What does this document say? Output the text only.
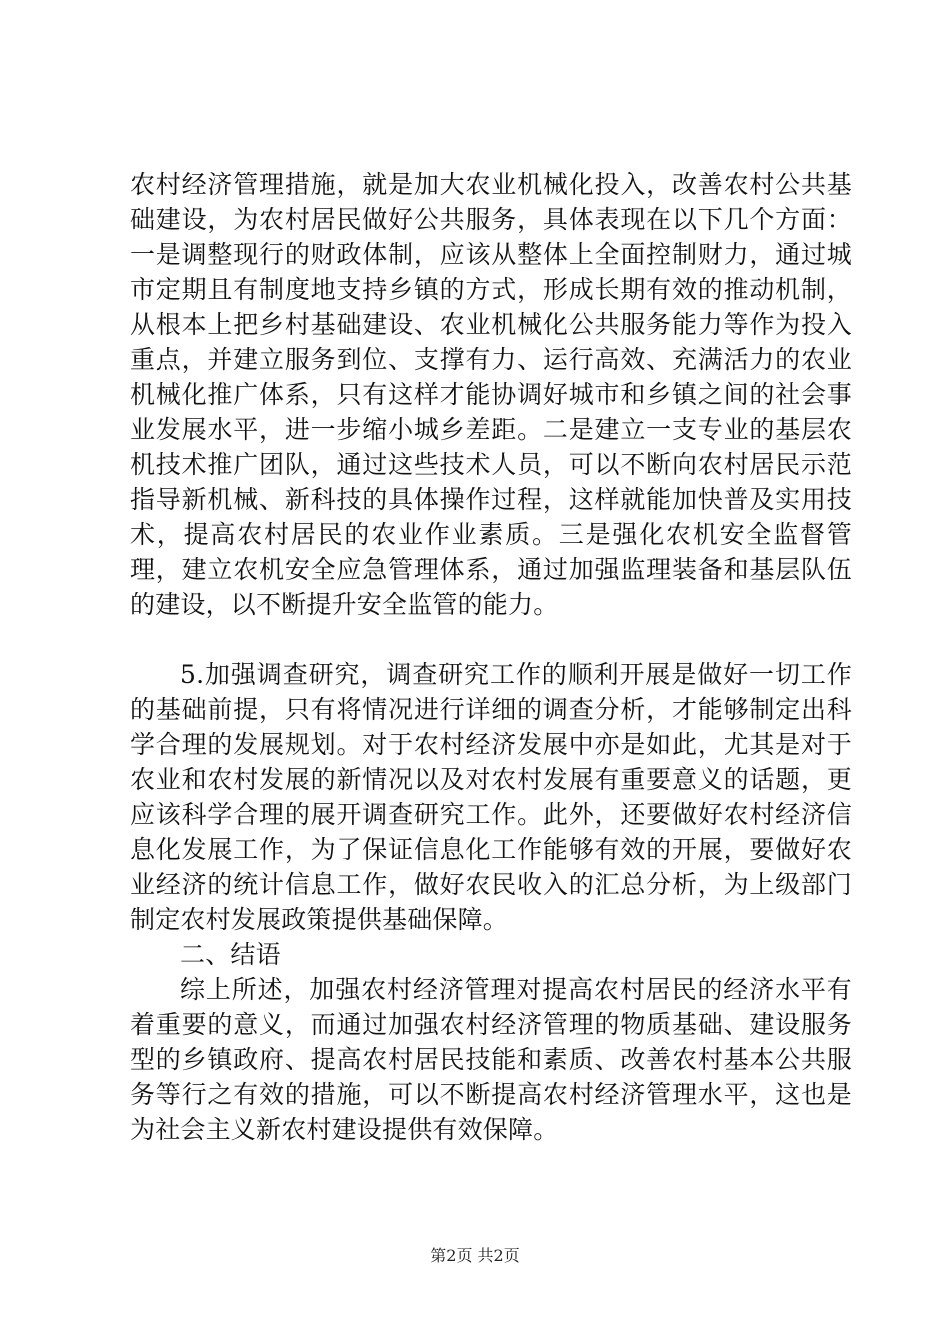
农村经济管理措施，就是加大农业机械化投入，改善农村公共基础建设，为农村居民做好公共服务，具体表现在以下几个方面：一是调整现行的财政体制，应该从整体上全面控制财力，通过城市定期且有制度地支持乡镇的方式，形成长期有效的推动机制，从根本上把乡村基础建设、农业机械化公共服务能力等作为投入重点，并建立服务到位、支撑有力、运行高效、充满活力的农业机械化推广体系，只有这样才能协调好城市和乡镇之间的社会事业发展水平，进一步缩小城乡差距。二是建立一支专业的基层农机技术推广团队，通过这些技术人员，可以不断向农村居民示范指导新机械、新科技的具体操作过程，这样就能加快普及实用技术，提高农村居民的农业作业素质。三是强化农机安全监督管理，建立农机安全应急管理体系，通过加强监理装备和基层队伍的建设，以不断提升安全监管的能力。

5.加强调查研究，调查研究工作的顺利开展是做好一切工作的基础前提，只有将情况进行详细的调查分析，才能够制定出科学合理的发展规划。对于农村经济发展中亦是如此，尤其是对于农业和农村发展的新情况以及对农村发展有重要意义的话题，更应该科学合理的展开调查研究工作。此外，还要做好农村经济信息化发展工作，为了保证信息化工作能够有效的开展，要做好农业经济的统计信息工作，做好农民收入的汇总分析，为上级部门制定农村发展政策提供基础保障。

二、结语

综上所述，加强农村经济管理对提高农村居民的经济水平有着重要的意义，而通过加强农村经济管理的物质基础、建设服务型的乡镇政府、提高农村居民技能和素质、改善农村基本公共服务等行之有效的措施，可以不断提高农村经济管理水平，这也是为社会主义新农村建设提供有效保障。

第2页 共2页
